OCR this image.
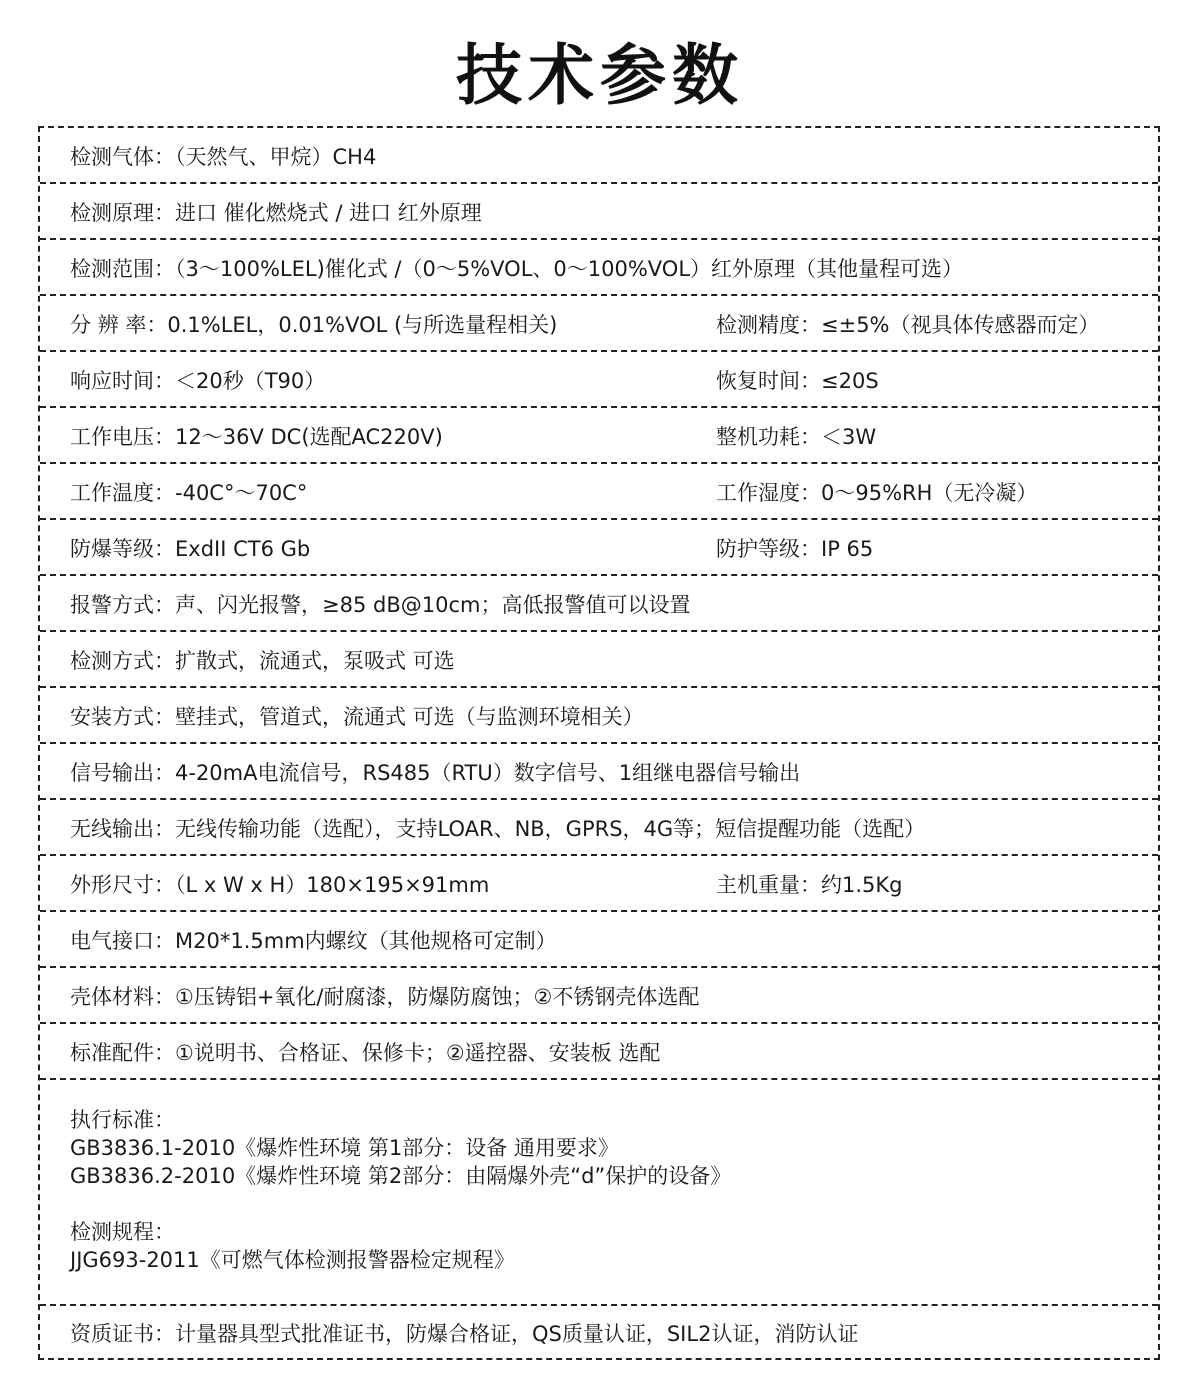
技术参数
检测气体：（天然气、甲烷）CH4
检测原理：进口 催化燃烧式 / 进口 红外原理
检测范围：（3～100%LEL)催化式 /（0～5%VOL、0～100%VOL）红外原理（其他量程可选）
分 辨 率：0.1%LEL，0.01%VOL (与所选量程相关)	检测精度：≤±5%（视具体传感器而定）
响应时间：＜20秒（T90）	恢复时间：≤20S
工作电压：12～36V DC(选配AC220V)	整机功耗：＜3W
工作温度：-40C°～70C°	工作湿度：0～95%RH（无冷凝）
防爆等级：ExdII CT6 Gb	防护等级：IP 65
报警方式：声、闪光报警，≥85 dB@10cm；高低报警值可以设置
检测方式：扩散式，流通式，泵吸式 可选
安装方式：壁挂式，管道式，流通式 可选（与监测环境相关）
信号输出：4-20mA电流信号，RS485（RTU）数字信号、1组继电器信号输出
无线输出：无线传输功能（选配），支持LOAR、NB，GPRS，4G等；短信提醒功能（选配）
外形尺寸：（L x W x H）180×195×91mm	主机重量：约1.5Kg
电气接口：M20*1.5mm内螺纹（其他规格可定制）
壳体材料：①压铸铝+氧化/耐腐漆，防爆防腐蚀；②不锈钢壳体选配
标准配件：①说明书、合格证、保修卡；②遥控器、安装板 选配
执行标准：
GB3836.1-2010《爆炸性环境 第1部分：设备 通用要求》
GB3836.2-2010《爆炸性环境 第2部分：由隔爆外壳“d”保护的设备》
检测规程：
JJG693-2011《可燃气体检测报警器检定规程》
资质证书：计量器具型式批准证书，防爆合格证，QS质量认证，SIL2认证，消防认证
